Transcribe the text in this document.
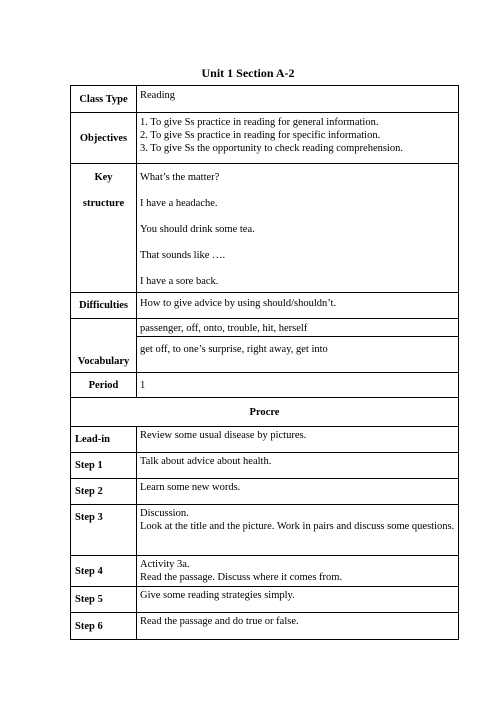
Unit 1 Section A-2
Class Type	Reading
Objectives	1. To give Ss practice in reading for general information.
2. To give Ss practice in reading for specific information.
3. To give Ss the opportunity to check reading comprehension.

Key
structure	What’s the matter?
I have a headache.
You should drink some tea.
That sounds like ….
I have a sore back.

Difficulties	How to give advice by using should/shouldn’t.
Vocabulary	passenger, off, onto, trouble, hit, herself
	get off, to one’s surprise, right away, get into
Period	1
Procre	
Lead-in	Review some usual disease by pictures.
Step 1	Talk about advice about health.
Step 2	Learn some new words.
Step 3	Discussion.
Look at the title and the picture. Work in pairs and discuss some questions.

Step 4	Activity 3a.
Read the passage. Discuss where it comes from.

Step 5	Give some reading strategies simply.
Step 6	Read the passage and do true or false.
